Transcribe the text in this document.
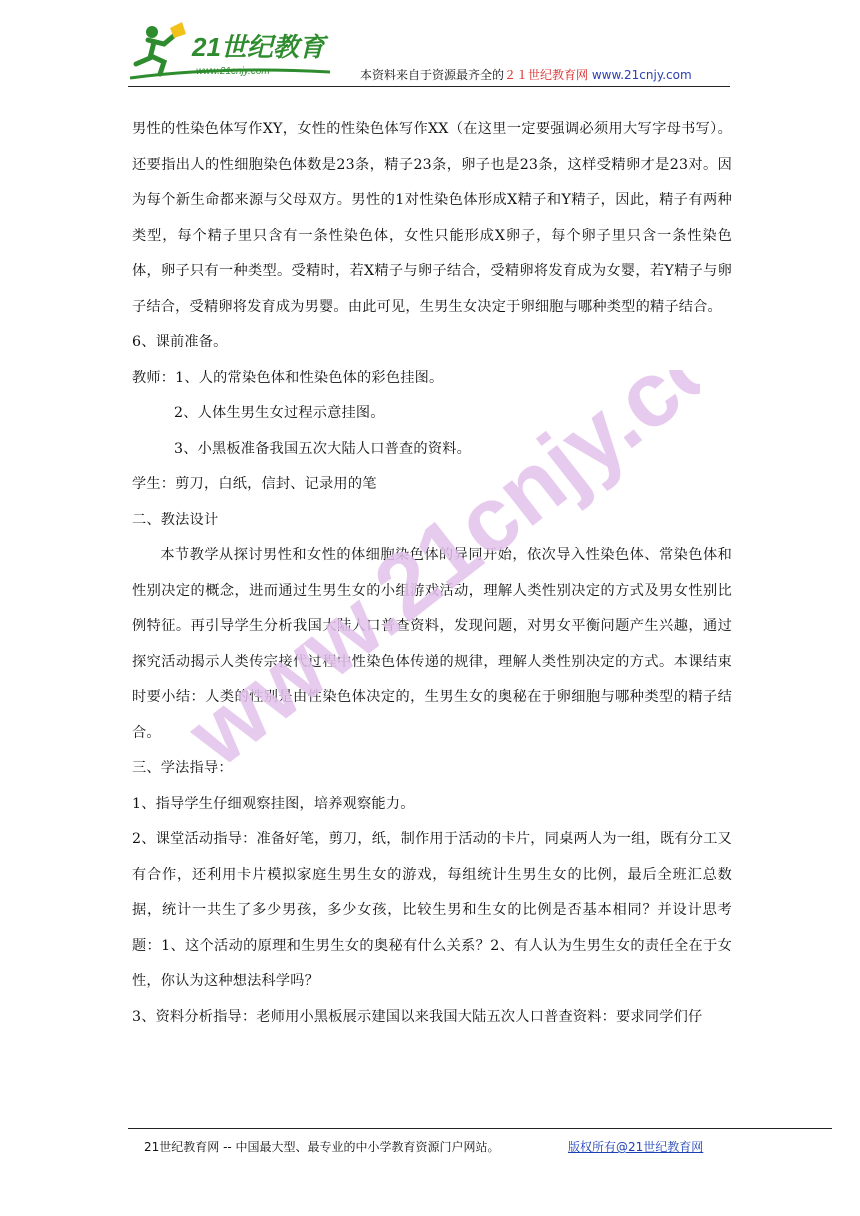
21世纪教育
www.21cnjy.com	本资料来自于资源最齐全的２１世纪教育网 www.21cnjy.com

男性的性染色体写作XY，女性的性染色体写作XX（在这里一定要强调必须用大写字母书写）。还要指出人的性细胞染色体数是23条，精子23条，卵子也是23条，这样受精卵才是23对。因为每个新生命都来源与父母双方。男性的1对性染色体形成X精子和Y精子，因此，精子有两种类型，每个精子里只含有一条性染色体，女性只能形成X卵子，每个卵子里只含一条性染色体，卵子只有一种类型。受精时，若X精子与卵子结合，受精卵将发育成为女婴，若Y精子与卵子结合，受精卵将发育成为男婴。由此可见，生男生女决定于卵细胞与哪种类型的精子结合。

6、课前准备。

教师：1、人的常染色体和性染色体的彩色挂图。

2、人体生男生女过程示意挂图。

3、小黑板准备我国五次大陆人口普查的资料。

学生：剪刀，白纸，信封、记录用的笔

二、教法设计

本节教学从探讨男性和女性的体细胞染色体的异同开始，依次导入性染色体、常染色体和性别决定的概念，进而通过生男生女的小组游戏活动，理解人类性别决定的方式及男女性别比例特征。再引导学生分析我国大陆人口普查资料，发现问题，对男女平衡问题产生兴趣，通过探究活动揭示人类传宗接代过程中性染色体传递的规律，理解人类性别决定的方式。本课结束时要小结：人类的性别是由性染色体决定的，生男生女的奥秘在于卵细胞与哪种类型的精子结合。

三、学法指导：

1、指导学生仔细观察挂图，培养观察能力。

2、课堂活动指导：准备好笔，剪刀，纸，制作用于活动的卡片，同桌两人为一组，既有分工又有合作，还利用卡片模拟家庭生男生女的游戏，每组统计生男生女的比例，最后全班汇总数据，统计一共生了多少男孩，多少女孩，比较生男和生女的比例是否基本相同？并设计思考题：1、这个活动的原理和生男生女的奥秘有什么关系？2、有人认为生男生女的责任全在于女性，你认为这种想法科学吗？

3、资料分析指导：老师用小黑板展示建国以来我国大陆五次人口普查资料：要求同学们仔

www.21cnjy.com
21世纪教育网 -- 中国最大型、最专业的中小学教育资源门户网站。	版权所有@21世纪教育网
